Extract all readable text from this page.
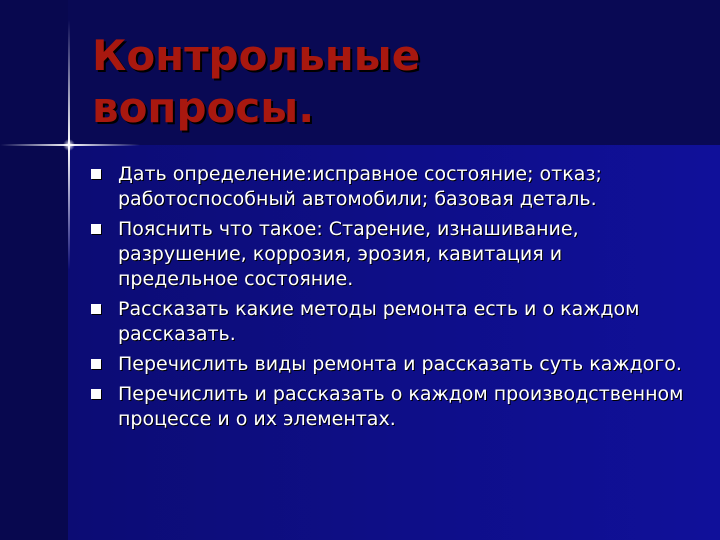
Контрольные
вопросы.
Дать определение:исправное состояние; отказ; работоспособный автомобили; базовая деталь.
Пояснить что такое: Старение, изнашивание, разрушение, коррозия, эрозия, кавитация и предельное состояние.
Рассказать какие методы ремонта есть и о каждом рассказать.
Перечислить виды ремонта и рассказать суть каждого.
Перечислить и рассказать о каждом производственном процессе и о их элементах.
